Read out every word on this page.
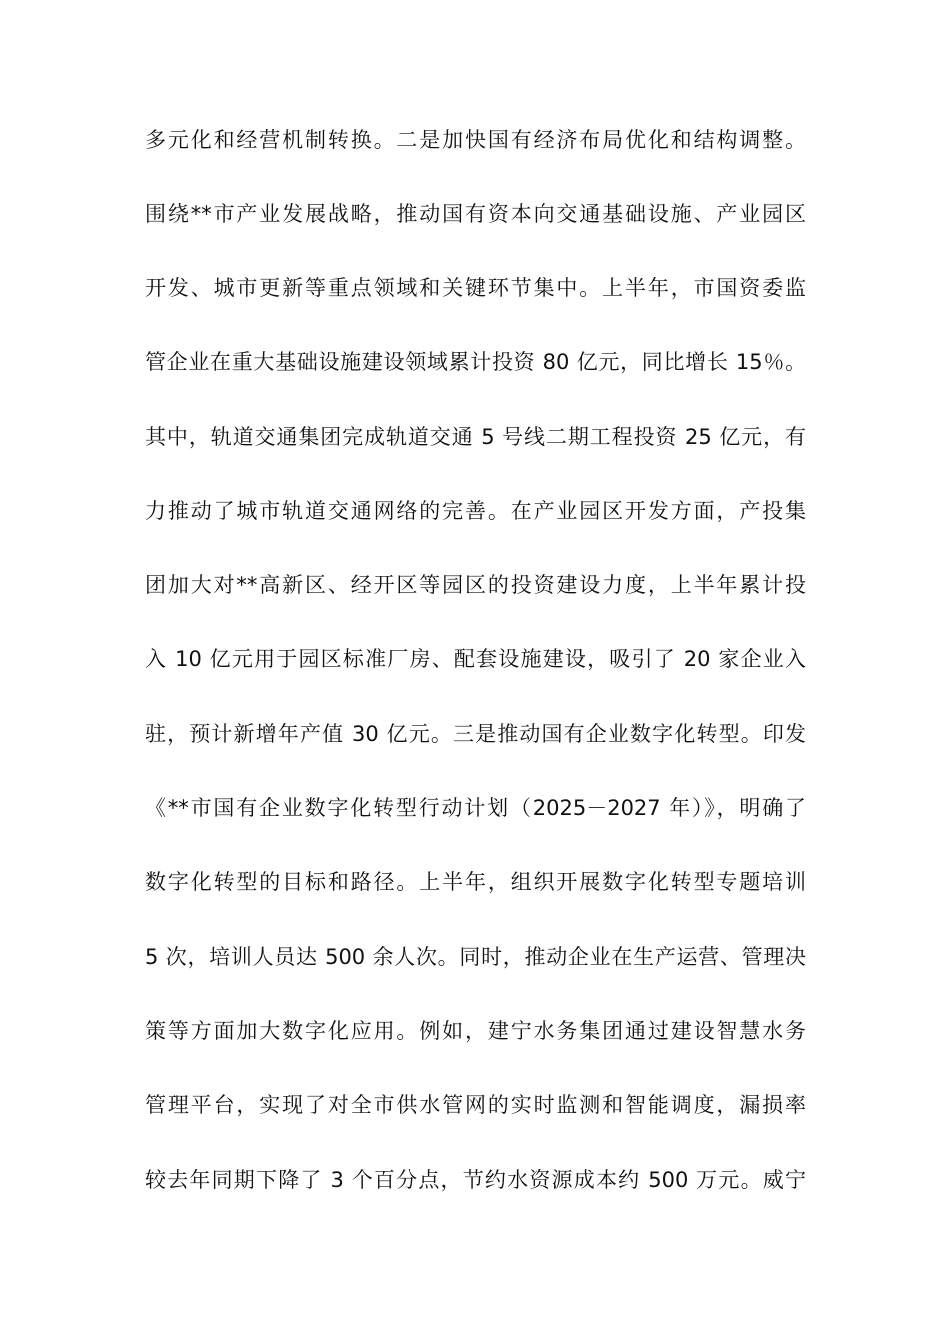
多元化和经营机制转换。二是加快国有经济布局优化和结构调整。
围绕**市产业发展战略，推动国有资本向交通基础设施、产业园区
开发、城市更新等重点领域和关键环节集中。上半年，市国资委监
管企业在重大基础设施建设领域累计投资 80 亿元，同比增长 15％。
其中，轨道交通集团完成轨道交通 5 号线二期工程投资 25 亿元，有
力推动了城市轨道交通网络的完善。在产业园区开发方面，产投集
团加大对**高新区、经开区等园区的投资建设力度，上半年累计投
入 10 亿元用于园区标准厂房、配套设施建设，吸引了 20 家企业入
驻，预计新增年产值 30 亿元。三是推动国有企业数字化转型。印发
《**市国有企业数字化转型行动计划（2025－2027 年）》，明确了
数字化转型的目标和路径。上半年，组织开展数字化转型专题培训
5 次，培训人员达 500 余人次。同时，推动企业在生产运营、管理决
策等方面加大数字化应用。例如，建宁水务集团通过建设智慧水务
管理平台，实现了对全市供水管网的实时监测和智能调度，漏损率
较去年同期下降了 3 个百分点，节约水资源成本约 500 万元。威宁
